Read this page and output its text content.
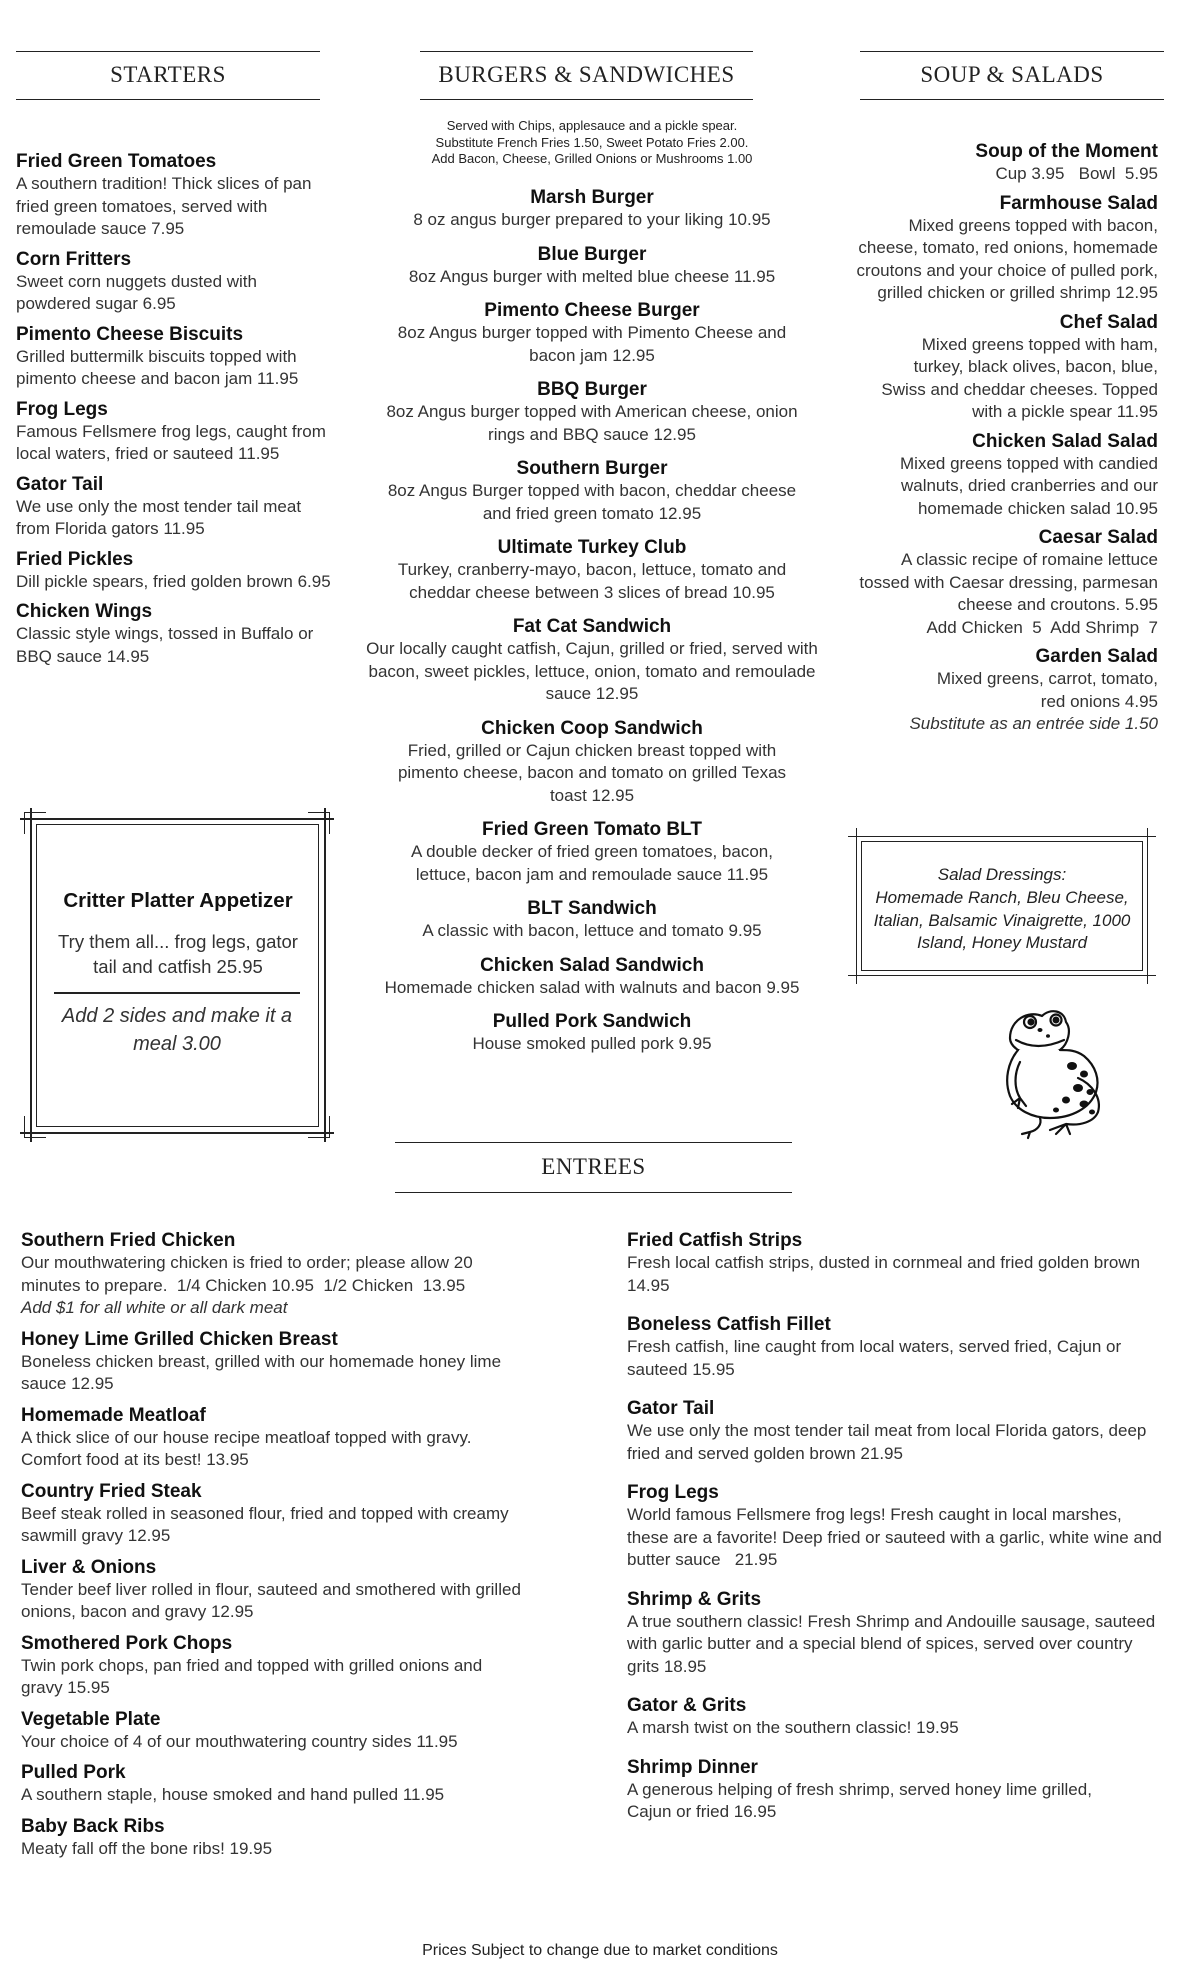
STARTERS	BURGERS & SANDWICHES	SOUP & SALADS
Fried Green Tomatoes
A southern tradition! Thick slices of pan fried green tomatoes, served with remoulade sauce 7.95
Corn Fritters
Sweet corn nuggets dusted with powdered sugar 6.95
Pimento Cheese Biscuits
Grilled buttermilk biscuits topped with pimento cheese and bacon jam 11.95
Frog Legs
Famous Fellsmere frog legs, caught from local waters, fried or sauteed 11.95
Gator Tail
We use only the most tender tail meat from Florida gators 11.95
Fried Pickles
Dill pickle spears, fried golden brown 6.95
Chicken Wings
Classic style wings, tossed in Buffalo or BBQ sauce 14.95
Critter Platter Appetizer
Try them all... frog legs, gator tail and catfish 25.95
Add 2 sides and make it a meal 3.00
Served with Chips, applesauce and a pickle spear.
Substitute French Fries 1.50, Sweet Potato Fries 2.00.
Add Bacon, Cheese, Grilled Onions or Mushrooms 1.00
Marsh Burger
8 oz angus burger prepared to your liking 10.95
Blue Burger
8oz Angus burger with melted blue cheese 11.95
Pimento Cheese Burger
8oz Angus burger topped with Pimento Cheese and bacon jam 12.95
BBQ Burger
8oz Angus burger topped with American cheese, onion rings and BBQ sauce 12.95
Southern Burger
8oz Angus Burger topped with bacon, cheddar cheese and fried green tomato 12.95
Ultimate Turkey Club
Turkey, cranberry-mayo, bacon, lettuce, tomato and cheddar cheese between 3 slices of bread 10.95
Fat Cat Sandwich
Our locally caught catfish, Cajun, grilled or fried, served with bacon, sweet pickles, lettuce, onion, tomato and remoulade sauce 12.95
Chicken Coop Sandwich
Fried, grilled or Cajun chicken breast topped with pimento cheese, bacon and tomato on grilled Texas toast 12.95
Fried Green Tomato BLT
A double decker of fried green tomatoes, bacon, lettuce, bacon jam and remoulade sauce 11.95
BLT Sandwich
A classic with bacon, lettuce and tomato 9.95
Chicken Salad Sandwich
Homemade chicken salad with walnuts and bacon 9.95
Pulled Pork Sandwich
House smoked pulled pork 9.95
Soup of the Moment
Cup 3.95   Bowl  5.95
Farmhouse Salad
Mixed greens topped with bacon, cheese, tomato, red onions, homemade croutons and your choice of pulled pork, grilled chicken or grilled shrimp 12.95
Chef Salad
Mixed greens topped with ham, turkey, black olives, bacon, blue, Swiss and cheddar cheeses. Topped with a pickle spear 11.95
Chicken Salad Salad
Mixed greens topped with candied walnuts, dried cranberries and our homemade chicken salad 10.95
Caesar Salad
A classic recipe of romaine lettuce tossed with Caesar dressing, parmesan cheese and croutons. 5.95
Add Chicken  5  Add Shrimp  7
Garden Salad
Mixed greens, carrot, tomato, red onions 4.95
Substitute as an entrée side 1.50
Salad Dressings:
Homemade Ranch, Bleu Cheese, Italian, Balsamic Vinaigrette, 1000 Island, Honey Mustard
ENTREES
Southern Fried Chicken
Our mouthwatering chicken is fried to order; please allow 20 minutes to prepare.  1/4 Chicken 10.95  1/2 Chicken  13.95
Add $1 for all white or all dark meat
Honey Lime Grilled Chicken Breast
Boneless chicken breast, grilled with our homemade honey lime sauce 12.95
Homemade Meatloaf
A thick slice of our house recipe meatloaf topped with gravy. Comfort food at its best! 13.95
Country Fried Steak
Beef steak rolled in seasoned flour, fried and topped with creamy sawmill gravy 12.95
Liver & Onions
Tender beef liver rolled in flour, sauteed and smothered with grilled onions, bacon and gravy 12.95
Smothered Pork Chops
Twin pork chops, pan fried and topped with grilled onions and gravy 15.95
Vegetable Plate
Your choice of 4 of our mouthwatering country sides 11.95
Pulled Pork
A southern staple, house smoked and hand pulled 11.95
Baby Back Ribs
Meaty fall off the bone ribs! 19.95
Fried Catfish Strips
Fresh local catfish strips, dusted in cornmeal and fried golden brown 14.95
Boneless Catfish Fillet
Fresh catfish, line caught from local waters, served fried, Cajun or sauteed 15.95
Gator Tail
We use only the most tender tail meat from local Florida gators, deep fried and served golden brown 21.95
Frog Legs
World famous Fellsmere frog legs! Fresh caught in local marshes, these are a favorite! Deep fried or sauteed with a garlic, white wine and butter sauce   21.95
Shrimp & Grits
A true southern classic! Fresh Shrimp and Andouille sausage, sauteed with garlic butter and a special blend of spices, served over country grits 18.95
Gator & Grits
A marsh twist on the southern classic! 19.95
Shrimp Dinner
A generous helping of fresh shrimp, served honey lime grilled, Cajun or fried 16.95
Prices Subject to change due to market conditions
